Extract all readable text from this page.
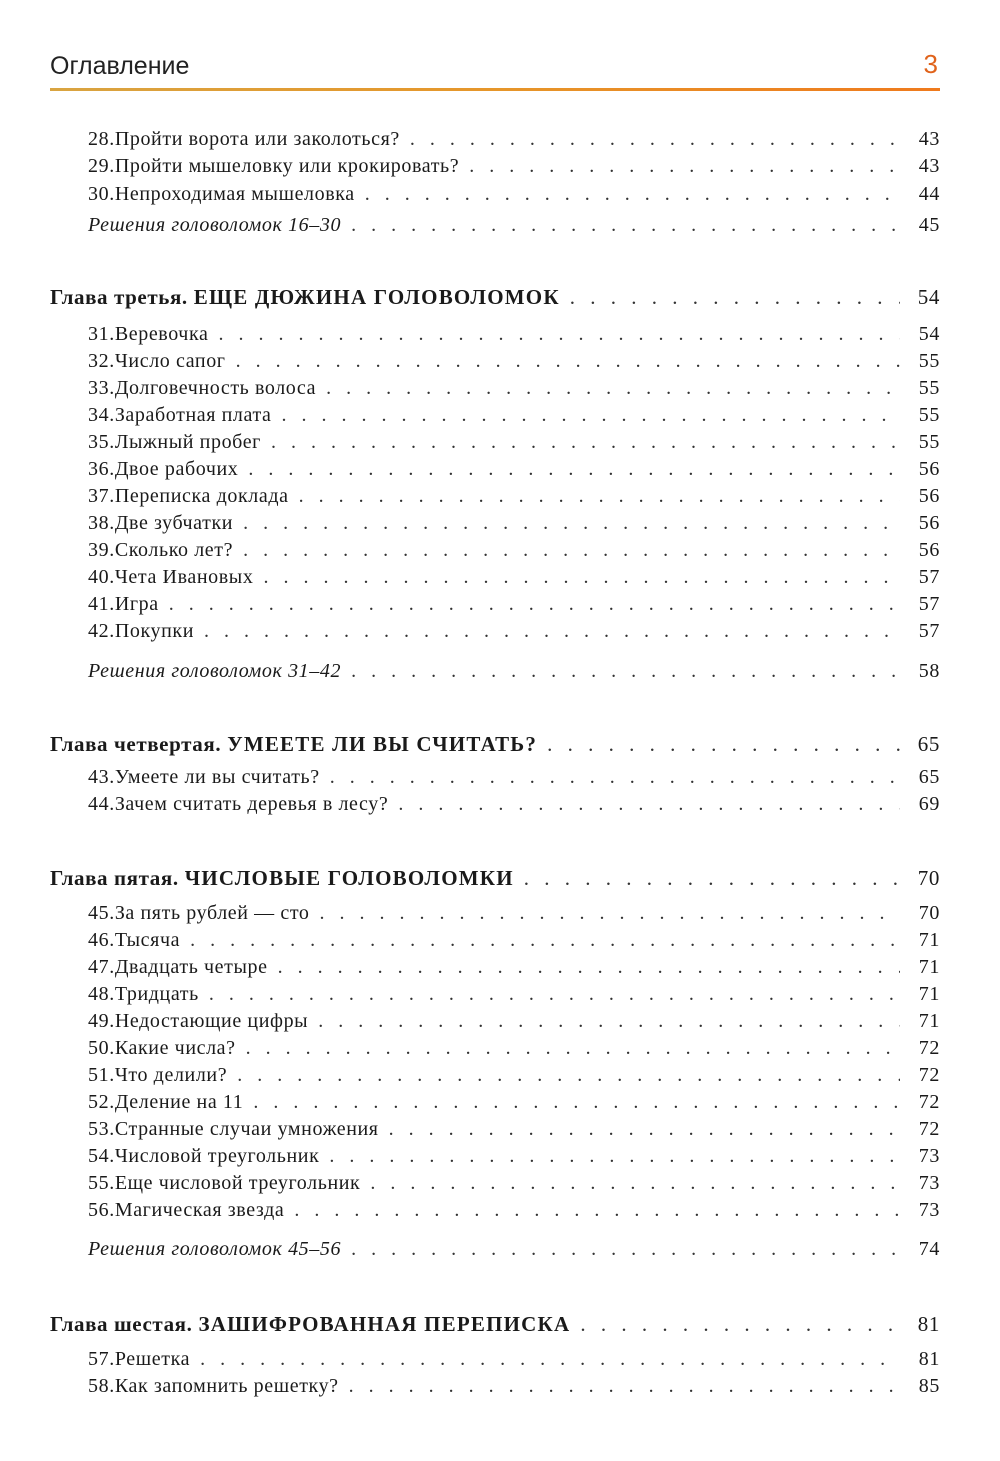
Оглавление	3
28. Пройти ворота или заколоться? . . .	43
29. Пройти мышеловку или крокировать? . . .	43
30. Непроходимая мышеловка . . .	44
Решения головоломок 16–30 . . .	45
Глава третья. ЕЩЕ ДЮЖИНА ГОЛОВОЛОМОК . . .	54
31. Веревочка . . .	54
32. Число сапог . . .	55
33. Долговечность волоса . . .	55
34. Заработная плата . . .	55
35. Лыжный пробег . . .	55
36. Двое рабочих . . .	56
37. Переписка доклада . . .	56
38. Две зубчатки . . .	56
39. Сколько лет? . . .	56
40. Чета Ивановых . . .	57
41. Игра . . .	57
42. Покупки . . .	57
Решения головоломок 31–42 . . .	58
Глава четвертая. УМЕЕТЕ ЛИ ВЫ СЧИТАТЬ? . . .	65
43. Умеете ли вы считать? . . .	65
44. Зачем считать деревья в лесу? . . .	69
Глава пятая. ЧИСЛОВЫЕ ГОЛОВОЛОМКИ . . .	70
45. За пять рублей — сто . . .	70
46. Тысяча . . .	71
47. Двадцать четыре . . .	71
48. Тридцать . . .	71
49. Недостающие цифры . . .	71
50. Какие числа? . . .	72
51. Что делили? . . .	72
52. Деление на 11 . . .	72
53. Странные случаи умножения . . .	72
54. Числовой треугольник . . .	73
55. Еще числовой треугольник . . .	73
56. Магическая звезда . . .	73
Решения головоломок 45–56 . . .	74
Глава шестая. ЗАШИФРОВАННАЯ ПЕРЕПИСКА . . .	81
57. Решетка . . .	81
58. Как запомнить решетку? . . .	85
